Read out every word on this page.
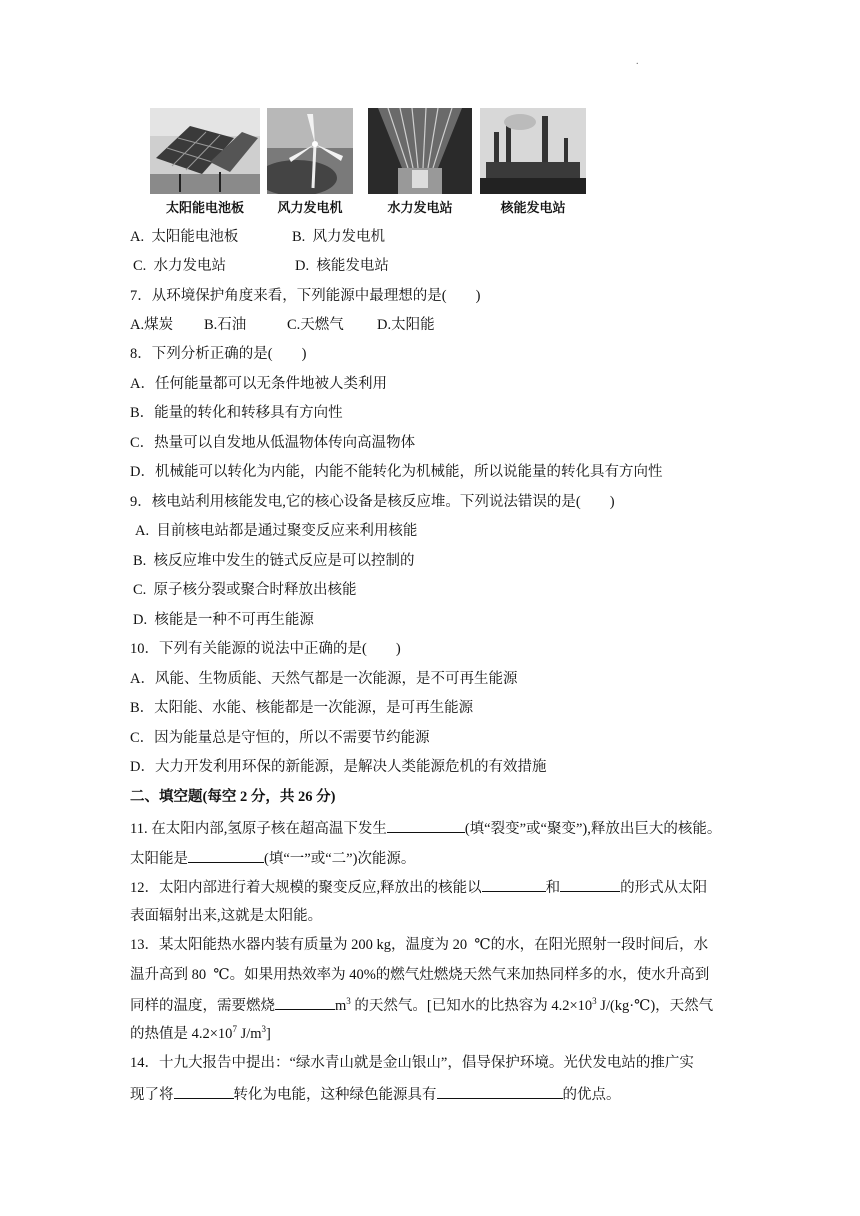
.
太阳能电池板	风力发电机	水力发电站	核能发电站
A.  太阳能电池板	B.  风力发电机
C.  水力发电站	D.  核能发电站
7．从环境保护角度来看，下列能源中最理想的是(　　)
A.煤炭 B.石油	C.天燃气 D.太阳能
8．下列分析正确的是(　　)
A．任何能量都可以无条件地被人类利用
B．能量的转化和转移具有方向性
C．热量可以自发地从低温物体传向高温物体
D．机械能可以转化为内能，内能不能转化为机械能，所以说能量的转化具有方向性
9．核电站利用核能发电,它的核心设备是核反应堆。下列说法错误的是(　　)
A.  目前核电站都是通过聚变反应来利用核能
B.  核反应堆中发生的链式反应是可以控制的
C.  原子核分裂或聚合时释放出核能
D.  核能是一种不可再生能源
10．下列有关能源的说法中正确的是(　　)
A．风能、生物质能、天然气都是一次能源，是不可再生能源
B．太阳能、水能、核能都是一次能源，是可再生能源
C．因为能量总是守恒的，所以不需要节约能源
D．大力开发利用环保的新能源，是解决人类能源危机的有效措施
二、填空题(每空 2 分，共 26 分)
11. 在太阳内部,氢原子核在超高温下发生	(填“裂变”或“聚变”),释放出巨大的核能。
太阳能是	(填“一”或“二”)次能源。
12．太阳内部进行着大规模的聚变反应,释放出的核能以	和	的形式从太阳
表面辐射出来,这就是太阳能。
13．某太阳能热水器内装有质量为 200 kg，温度为 20  ℃的水，在阳光照射一段时间后，水
温升高到 80  ℃。如果用热效率为 40%的燃气灶燃烧天然气来加热同样多的水，使水升高到
同样的温度，需要燃烧	$m^3$ 的天然气。[已知水的比热容为 $4.2\times 10^3$ J/(kg·℃)，天然气
的热值是 $4.2\times 10^7$ $J/m^3$]
14．十九大报告中提出：“绿水青山就是金山银山”，倡导保护环境。光伏发电站的推广实
现了将	转化为电能，这种绿色能源具有	的优点。
